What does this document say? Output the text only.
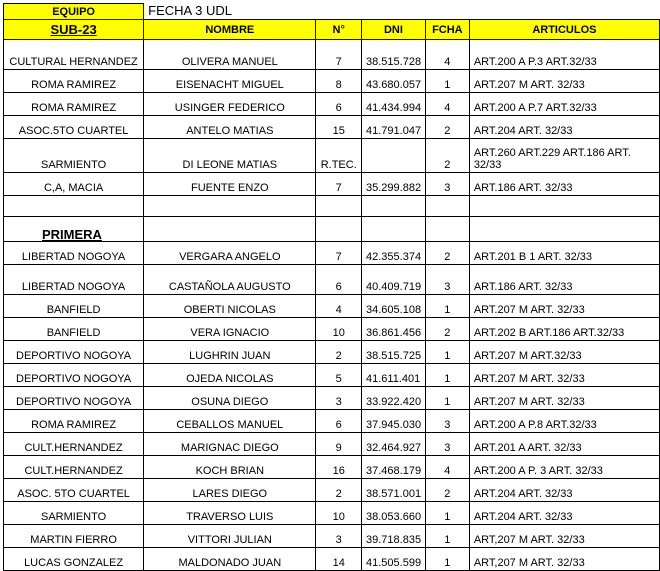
EQUIPO	FECHA 3 UDL				
SUB-23	NOMBRE	N°	DNI	FCHA	ARTICULOS
CULTURAL HERNANDEZ	OLIVERA MANUEL	7	38.515.728	4	ART.200 A P.3 ART.32/33
ROMA RAMIREZ	EISENACHT MIGUEL	8	43.680.057	1	ART.207 M ART. 32/33
ROMA RAMIREZ	USINGER FEDERICO	6	41.434.994	4	ART.200 A P.7 ART.32/33
ASOC.5TO CUARTEL	ANTELO MATIAS	15	41.791.047	2	ART.204 ART. 32/33
SARMIENTO	DI LEONE MATIAS	R.TEC.		2	ART.260 ART.229 ART.186 ART. 32/33
C,A, MACIA	FUENTE ENZO	7	35.299.882	3	ART.186 ART. 32/33

PRIMERA					
LIBERTAD NOGOYA	VERGARA ANGELO	7	42.355.374	2	ART.201 B 1 ART. 32/33
LIBERTAD NOGOYA	CASTAÑOLA AUGUSTO	6	40.409.719	3	ART.186 ART. 32/33
BANFIELD	OBERTI NICOLAS	4	34.605.108	1	ART.207 M ART. 32/33
BANFIELD	VERA IGNACIO	10	36.861.456	2	ART.202 B ART.186 ART.32/33
DEPORTIVO NOGOYA	LUGHRIN JUAN	2	38.515.725	1	ART.207 M ART.32/33
DEPORTIVO NOGOYA	OJEDA NICOLAS	5	41.611.401	1	ART.207 M ART. 32/33
DEPORTIVO NOGOYA	OSUNA DIEGO	3	33.922.420	1	ART.207 M ART. 32/33
ROMA RAMIREZ	CEBALLOS MANUEL	6	37.945.030	3	ART.200 A P.8 ART.32/33
CULT.HERNANDEZ	MARIGNAC DIEGO	9	32.464.927	3	ART.201 A ART. 32/33
CULT.HERNANDEZ	KOCH BRIAN	16	37.468.179	4	ART.200 A P. 3 ART. 32/33
ASOC. 5TO CUARTEL	LARES DIEGO	2	38.571.001	2	ART.204 ART. 32/33
SARMIENTO	TRAVERSO LUIS	10	38.053.660	1	ART.204 ART. 32/33
MARTIN FIERRO	VITTORI JULIAN	3	39.718.835	1	ART,207 M ART. 32/33
LUCAS GONZALEZ	MALDONADO JUAN	14	41.505.599	1	ART,207 M ART. 32/33
